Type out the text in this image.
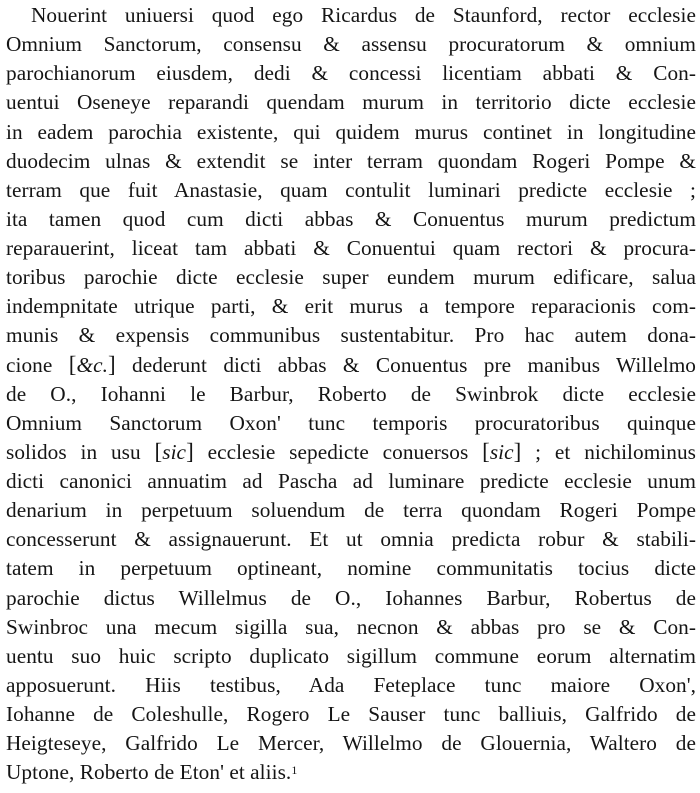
Nouerint uniuersi quod ego Ricardus de Staunford, rector ecclesie
Omnium Sanctorum, consensu & assensu procuratorum & omnium
parochianorum eiusdem, dedi & concessi licentiam abbati & Con-
uentui Oseneye reparandi quendam murum in territorio dicte ecclesie
in eadem parochia existente, qui quidem murus continet in longitudine
duodecim ulnas & extendit se inter terram quondam Rogeri Pompe &
terram que fuit Anastasie, quam contulit luminari predicte ecclesie ;
ita tamen quod cum dicti abbas & Conuentus murum predictum
reparauerint, liceat tam abbati & Conuentui quam rectori & procura-
toribus parochie dicte ecclesie super eundem murum edificare, salua
indempnitate utrique parti, & erit murus a tempore reparacionis com-
munis & expensis communibus sustentabitur. Pro hac autem dona-
cione [&c.] dederunt dicti abbas & Conuentus pre manibus Willelmo
de O., Iohanni le Barbur, Roberto de Swinbrok dicte ecclesie
Omnium Sanctorum Oxon' tunc temporis procuratoribus quinque
solidos in usu [sic] ecclesie sepedicte conuersos [sic] ; et nichilominus
dicti canonici annuatim ad Pascha ad luminare predicte ecclesie unum
denarium in perpetuum soluendum de terra quondam Rogeri Pompe
concesserunt & assignauerunt. Et ut omnia predicta robur & stabili-
tatem in perpetuum optineant, nomine communitatis tocius dicte
parochie dictus Willelmus de O., Iohannes Barbur, Robertus de
Swinbroc una mecum sigilla sua, necnon & abbas pro se & Con-
uentu suo huic scripto duplicato sigillum commune eorum alternatim
apposuerunt. Hiis testibus, Ada Feteplace tunc maiore Oxon',
Iohanne de Coleshulle, Rogero Le Sauser tunc balliuis, Galfrido de
Heigteseye, Galfrido Le Mercer, Willelmo de Glouernia, Waltero de
Uptone, Roberto de Eton' et aliis.$^1$
